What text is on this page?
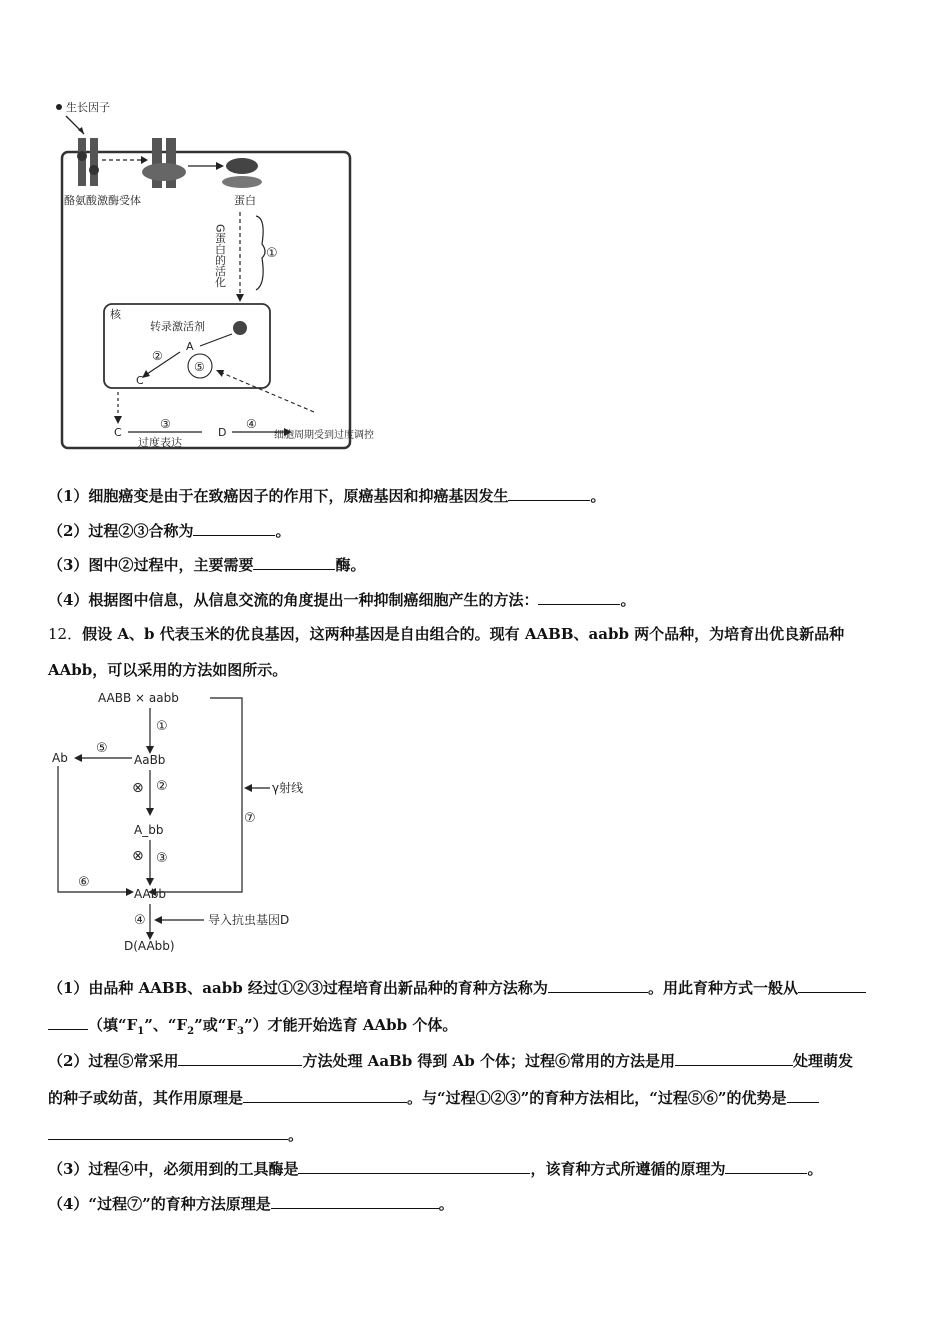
生长因子
酪氨酸激酶受体	蛋白
G蛋白的活化	①
核
转录激活剂
A
②
C
⑤
C
③
过度表达
D
④
细胞周期受到过度调控
（1）细胞癌变是由于在致癌因子的作用下，原癌基因和抑癌基因发生	。
（2）过程②③合称为	。
（3）图中②过程中，主要需要	酶。
（4）根据图中信息，从信息交流的角度提出一种抑制癌细胞产生的方法：	。
12．假设 A、b 代表玉米的优良基因，这两种基因是自由组合的。现有 AABB、aabb 两个品种，为培育出优良新品种
AAbb，可以采用的方法如图所示。
AABB × aabb
①
Ab
⑤
AaBb
⊗ ②	γ射线
⑦
A_bb
⊗ ③
⑥
AAbb
④	导入抗虫基因D
D(AAbb)
（1）由品种 AABB、aabb 经过①②③过程培育出新品种的育种方法称为	。用此育种方式一般从
（填“$F_1$”、“$F_2$”或“$F_3$”）才能开始选育 AAbb 个体。
（2）过程⑤常采用	方法处理 AaBb 得到 Ab 个体；过程⑥常用的方法是用	处理萌发
的种子或幼苗，其作用原理是	。与“过程①②③”的育种方法相比，“过程⑤⑥”的优势是
。
（3）过程④中，必须用到的工具酶是	，该育种方式所遵循的原理为	。
（4）“过程⑦”的育种方法原理是	。
